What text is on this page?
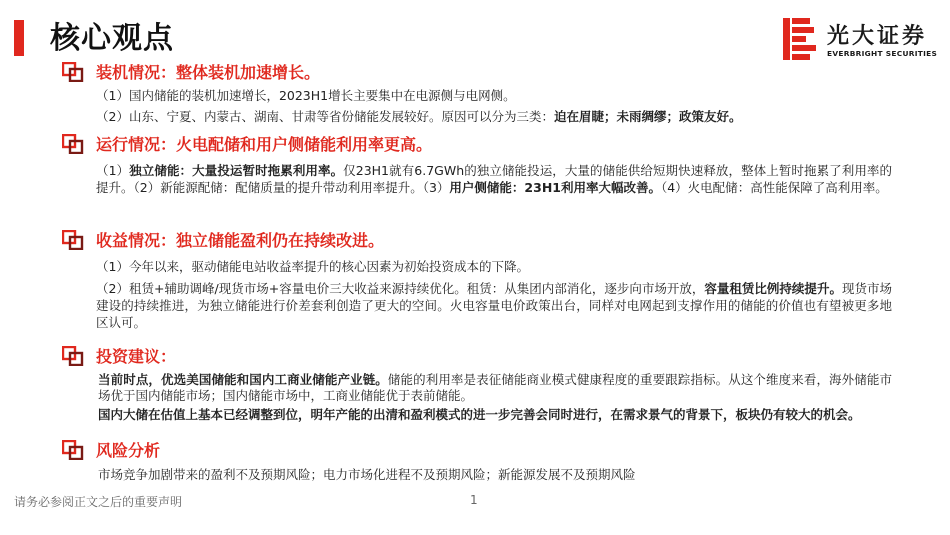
核心观点	光大证券
EVERBRIGHT SECURITIES
装机情况：整体装机加速增长。
（1）国内储能的装机加速增长，2023H1增长主要集中在电源侧与电网侧。
（2）山东、宁夏、内蒙古、湖南、甘肃等省份储能发展较好。原因可以分为三类：迫在眉睫；未雨绸缪；政策友好。
运行情况：火电配储和用户侧储能利用率更高。
（1）独立储能：大量投运暂时拖累利用率。仅23H1就有6.7GWh的独立储能投运，大量的储能供给短期快速释放，整体上暂时拖累了利用率的提升。（2）新能源配储：配储质量的提升带动利用率提升。（3）用户侧储能：23H1利用率大幅改善。（4）火电配储：高性能保障了高利用率。
收益情况：独立储能盈利仍在持续改进。
（1）今年以来，驱动储能电站收益率提升的核心因素为初始投资成本的下降。
（2）租赁+辅助调峰/现货市场+容量电价三大收益来源持续优化。租赁：从集团内部消化，逐步向市场开放，容量租赁比例持续提升。现货市场建设的持续推进，为独立储能进行价差套利创造了更大的空间。火电容量电价政策出台，同样对电网起到支撑作用的储能的价值也有望被更多地区认可。
投资建议：
当前时点，优选美国储能和国内工商业储能产业链。储能的利用率是表征储能商业模式健康程度的重要跟踪指标。从这个维度来看，海外储能市场优于国内储能市场；国内储能市场中，工商业储能优于表前储能。
国内大储在估值上基本已经调整到位，明年产能的出清和盈利模式的进一步完善会同时进行，在需求景气的背景下，板块仍有较大的机会。
风险分析
市场竞争加剧带来的盈利不及预期风险；电力市场化进程不及预期风险；新能源发展不及预期风险
请务必参阅正文之后的重要声明	1
